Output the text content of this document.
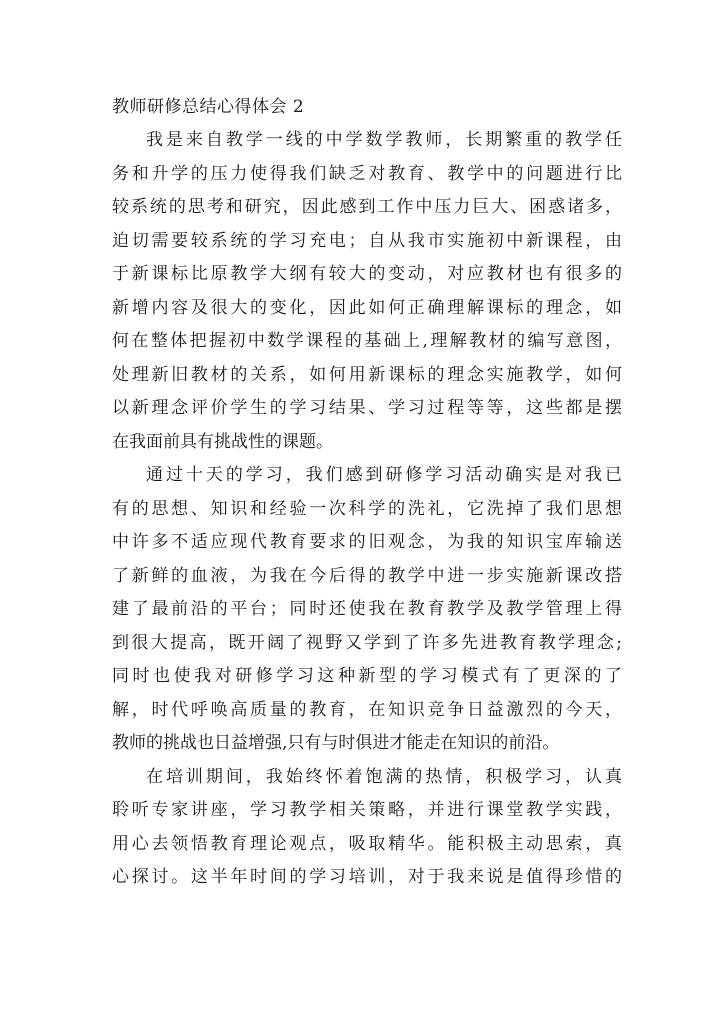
教师研修总结心得体会 2
我是来自教学一线的中学数学教师，长期繁重的教学任
务和升学的压力使得我们缺乏对教育、教学中的问题进行比
较系统的思考和研究，因此感到工作中压力巨大、困惑诸多，
迫切需要较系统的学习充电；自从我市实施初中新课程，由
于新课标比原教学大纲有较大的变动，对应教材也有很多的
新增内容及很大的变化，因此如何正确理解课标的理念，如
何在整体把握初中数学课程的基础上,理解教材的编写意图，
处理新旧教材的关系，如何用新课标的理念实施教学，如何
以新理念评价学生的学习结果、学习过程等等，这些都是摆
在我面前具有挑战性的课题。
通过十天的学习，我们感到研修学习活动确实是对我已
有的思想、知识和经验一次科学的洗礼，它洗掉了我们思想
中许多不适应现代教育要求的旧观念，为我的知识宝库输送
了新鲜的血液，为我在今后得的教学中进一步实施新课改搭
建了最前沿的平台；同时还使我在教育教学及教学管理上得
到很大提高，既开阔了视野又学到了许多先进教育教学理念;
同时也使我对研修学习这种新型的学习模式有了更深的了
解，时代呼唤高质量的教育，在知识竞争日益激烈的今天，
教师的挑战也日益增强,只有与时俱进才能走在知识的前沿。
在培训期间，我始终怀着饱满的热情，积极学习，认真
聆听专家讲座，学习教学相关策略，并进行课堂教学实践，
用心去领悟教育理论观点，吸取精华。能积极主动思索，真
心探讨。这半年时间的学习培训，对于我来说是值得珍惜的
